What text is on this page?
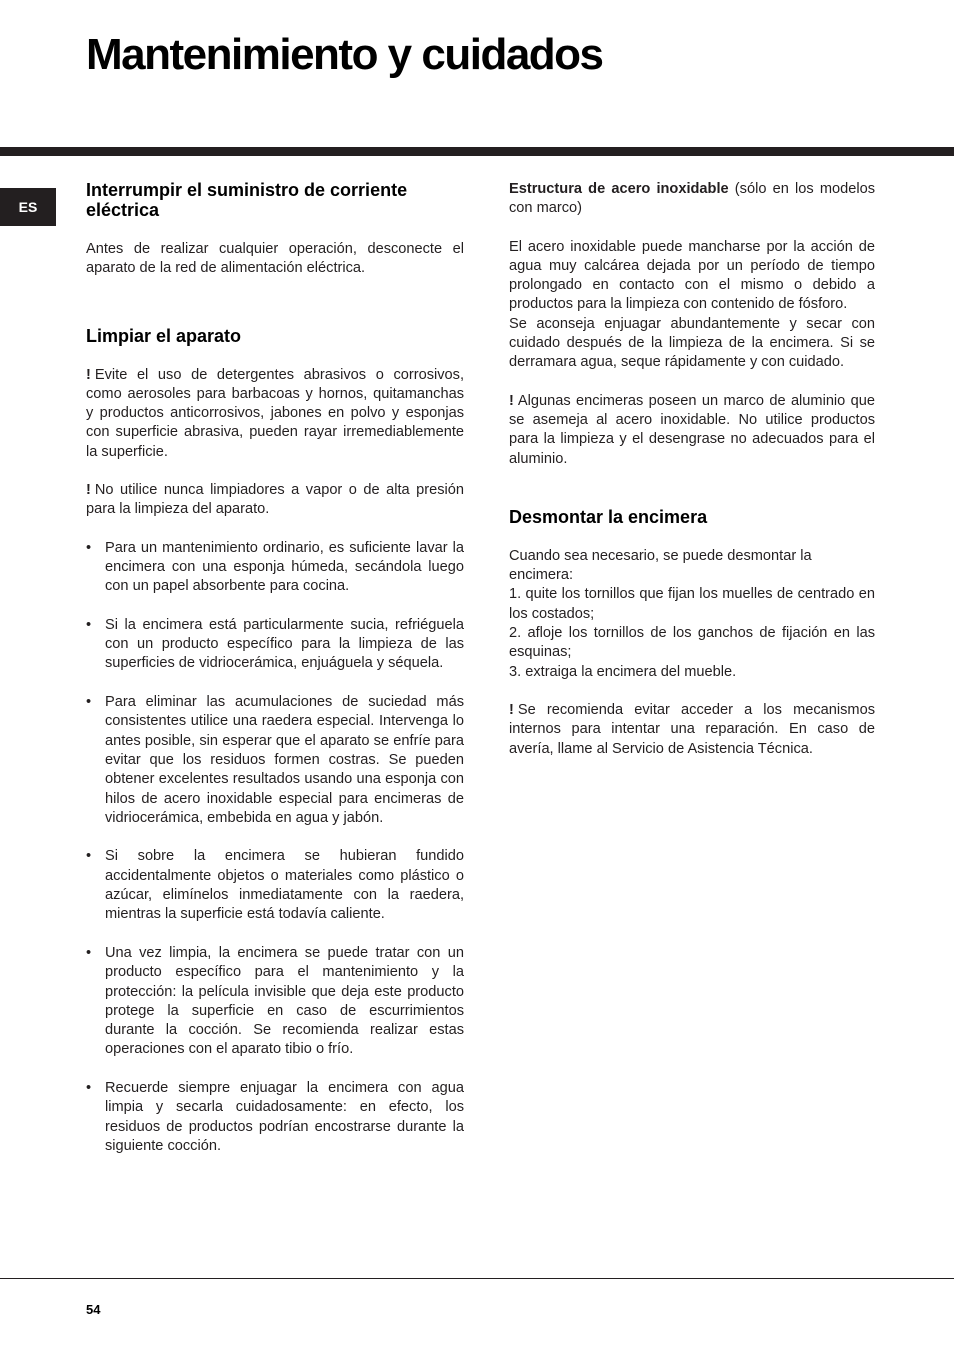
Mantenimiento y cuidados
ES
Interrumpir el suministro de corriente eléctrica

Antes de realizar cualquier operación, desconecte el aparato de la red de alimentación eléctrica.

Limpiar el aparato

! Evite el uso de detergentes abrasivos o corrosivos, como aerosoles para barbacoas y hornos, quitamanchas y productos anticorrosivos, jabones en polvo y esponjas con superficie abrasiva, pueden rayar irremediablemente la superficie.

! No utilice nunca limpiadores a vapor o de alta presión para la limpieza del aparato.

• Para un mantenimiento ordinario, es suficiente lavar la encimera con una esponja húmeda, secándola luego con un papel absorbente para cocina.
• Si la encimera está particularmente sucia, refriéguela con un producto específico para la limpieza de las superficies de vidriocerámica, enjuáguela y séquela.
• Para eliminar las acumulaciones de suciedad más consistentes utilice una raedera especial. Intervenga lo antes posible, sin esperar que el aparato se enfríe para evitar que los residuos formen costras. Se pueden obtener excelentes resultados usando una esponja con hilos de acero inoxidable especial para encimeras de vidriocerámica, embebida en agua y jabón.
• Si sobre la encimera se hubieran fundido accidentalmente objetos o materiales como plástico o azúcar, elimínelos inmediatamente con la raedera, mientras la superficie está todavía caliente.
• Una vez limpia, la encimera se puede tratar con un producto específico para el mantenimiento y la protección: la película invisible que deja este producto protege la superficie en caso de escurrimientos durante la cocción. Se recomienda realizar estas operaciones con el aparato tibio o frío.
• Recuerde siempre enjuagar la encimera con agua limpia y secarla cuidadosamente: en efecto, los residuos de productos podrían encostrarse durante la siguiente cocción.

Estructura de acero inoxidable (sólo en los modelos con marco)

El acero inoxidable puede mancharse por la acción de agua muy calcárea dejada por un período de tiempo prolongado en contacto con el mismo o debido a productos para la limpieza con contenido de fósforo.

Se aconseja enjuagar abundantemente y secar con cuidado después de la limpieza de la encimera. Si se derramara agua, seque rápidamente y con cuidado.

! Algunas encimeras poseen un marco de aluminio que se asemeja al acero inoxidable. No utilice productos para la limpieza y el desengrase no adecuados para el aluminio.

Desmontar la encimera

Cuando sea necesario, se puede desmontar la encimera:

1. quite los tornillos que fijan los muelles de centrado en los costados;

2. afloje los tornillos de los ganchos de fijación en las esquinas;

3. extraiga la encimera del mueble.

! Se recomienda evitar acceder a los mecanismos internos para intentar una reparación. En caso de avería, llame al Servicio de Asistencia Técnica.

54
